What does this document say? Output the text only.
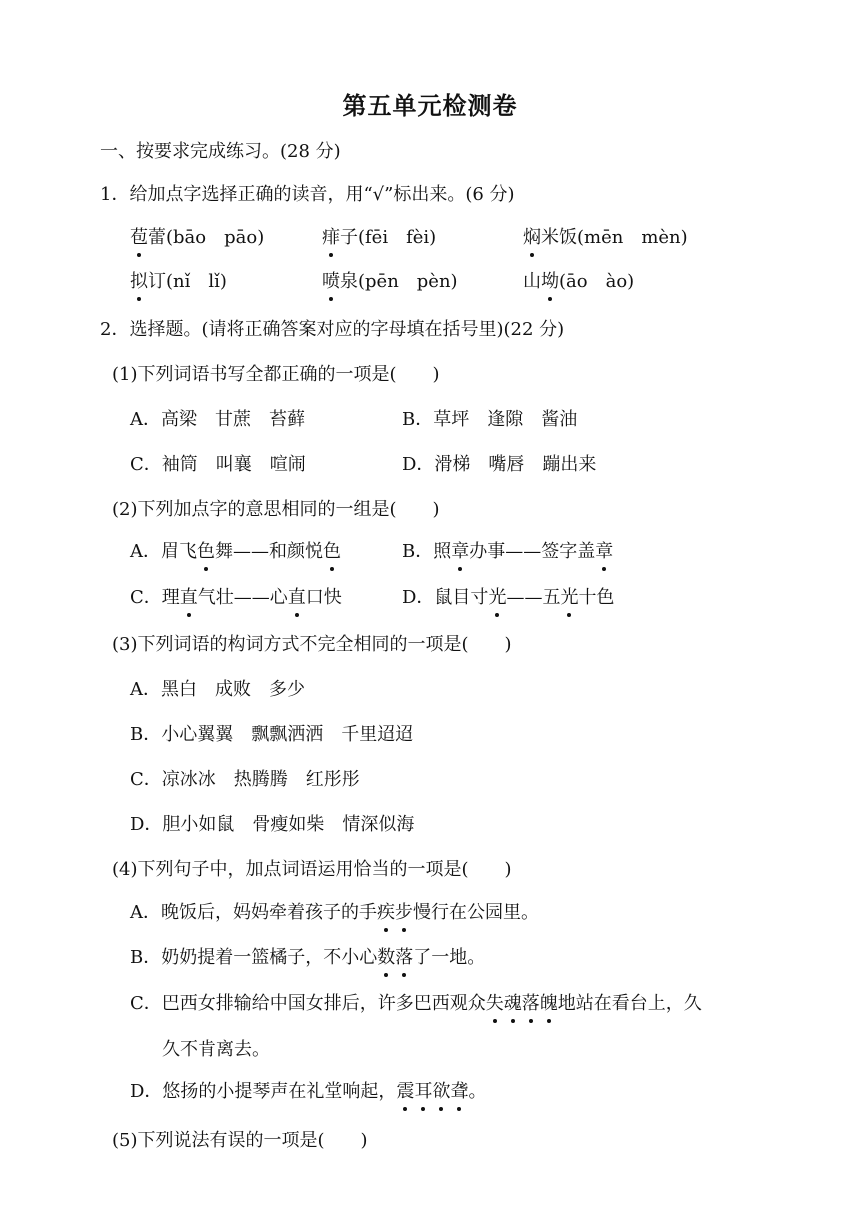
第五单元检测卷
一、按要求完成练习。(28 分)
1．给加点字选择正确的读音，用“√”标出来。(6 分)
苞蕾(bāo　pāo)	痱子(fēi　fèi)	焖米饭(mēn　mèn)
拟订(nǐ　lǐ)	喷泉(pēn　pèn)	山坳(āo　ào)
2．选择题。(请将正确答案对应的字母填在括号里)(22 分)
(1)下列词语书写全都正确的一项是(　　)
A．高梁　甘蔗　苔藓	B．草坪　逢隙　酱油
C．袖筒　叫襄　喧闹	D．滑梯　嘴唇　蹦出来
(2)下列加点字的意思相同的一组是(　　)
A．眉飞色舞——和颜悦色	B．照章办事——签字盖章
C．理直气壮——心直口快	D．鼠目寸光——五光十色
(3)下列词语的构词方式不完全相同的一项是(　　)
A．黑白　成败　多少
B．小心翼翼　飘飘洒洒　千里迢迢
C．凉冰冰　热腾腾　红彤彤
D．胆小如鼠　骨瘦如柴　情深似海
(4)下列句子中，加点词语运用恰当的一项是(　　)
A．晚饭后，妈妈牵着孩子的手疾步慢行在公园里。
B．奶奶提着一篮橘子，不小心数落了一地。
C．巴西女排输给中国女排后，许多巴西观众失魂落魄地站在看台上，久
久不肯离去。
D．悠扬的小提琴声在礼堂响起，震耳欲聋。
(5)下列说法有误的一项是(　　)
